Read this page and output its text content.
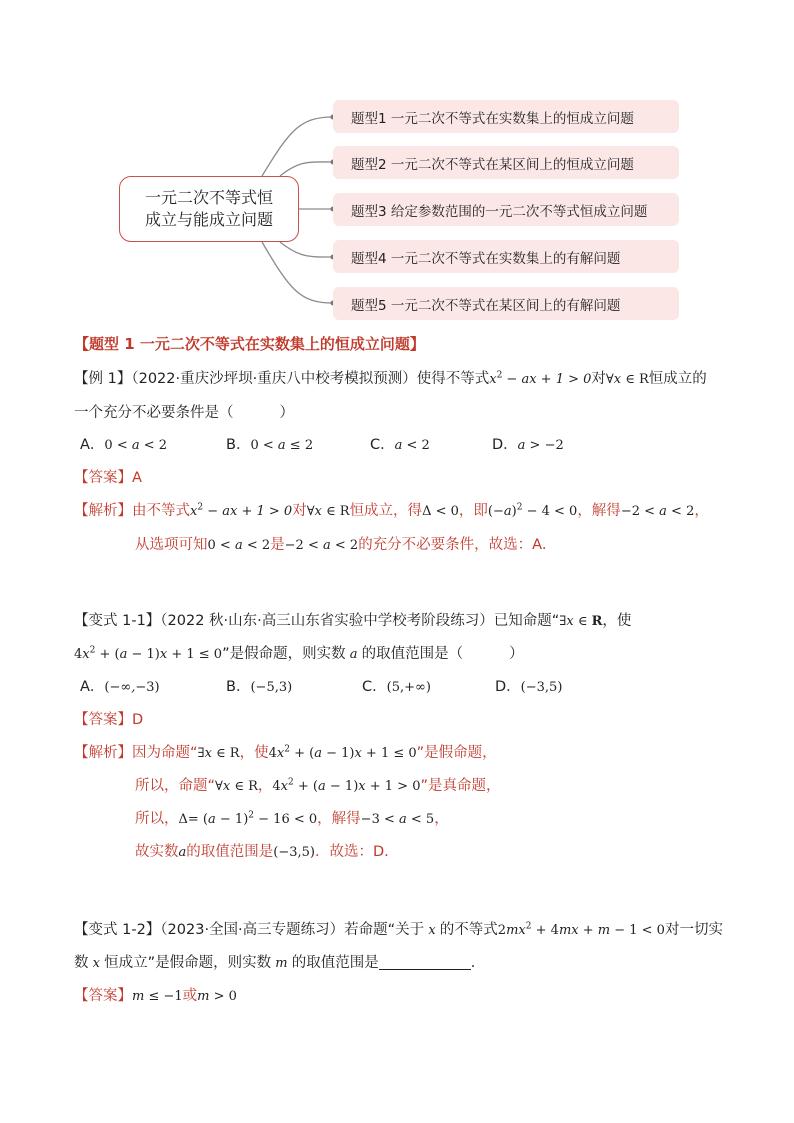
一元二次不等式恒成立与能成立问题
题型1 一元二次不等式在实数集上的恒成立问题
题型2 一元二次不等式在某区间上的恒成立问题
题型3 给定参数范围的一元二次不等式恒成立问题
题型4 一元二次不等式在实数集上的有解问题
题型5 一元二次不等式在某区间上的有解问题
【题型 1 一元二次不等式在实数集上的恒成立问题】
【例 1】（2022·重庆沙坪坝·重庆八中校考模拟预测）使得不等式$x^2$ − ax + 1 > 0对∀x ∈ R恒成立的
一个充分不必要条件是（	）
A．0 < a < 2	B．0 < a ≤ 2	C．a < 2	D．a > −2
【答案】A
【解析】由不等式$x^2$ − ax + 1 > 0对∀x ∈ R恒成立，得Δ < 0，即$(-a)^2 - 4 < 0$，解得−2 < a < 2，
从选项可知0 < a < 2是−2 < a < 2的充分不必要条件，故选：A.
【变式 1-1】（2022 秋·山东·高三山东省实验中学校考阶段练习）已知命题“∃x ∈ R，使
$4x^2 + (a - 1)x + 1 \le 0$”是假命题，则实数 a 的取值范围是（	）
A．(−∞,−3)	B．(−5,3)	C．(5,+∞)	D．(−3,5)
【答案】D
【解析】因为命题“∃x ∈ R，使$4x^2 + (a - 1)x + 1 \le 0$”是假命题，
所以，命题“∀x ∈ R，$4x^2 + (a - 1)x + 1 > 0$”是真命题，
所以，$\Delta= (a - 1)^2 - 16 < 0$，解得−3 < a < 5，
故实数a的取值范围是(−3,5)．故选：D.
【变式 1-2】（2023·全国·高三专题练习）若命题“关于 x 的不等式$2mx^2 + 4mx + m - 1 < 0$对一切实
数 x 恒成立”是假命题，则实数 m 的取值范围是	．
【答案】m ≤ −1或m > 0
